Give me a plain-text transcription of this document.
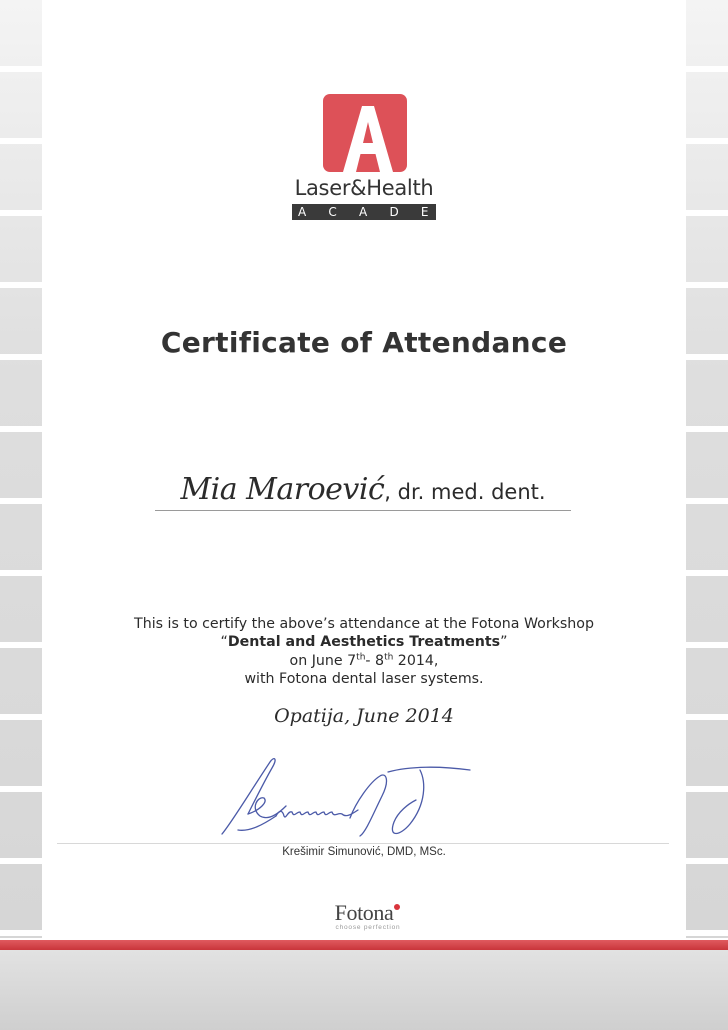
Laser&Health
A C A D E M Y
Certificate of Attendance
Mia Maroević, dr. med. dent.
This is to certify the above’s attendance at the Fotona Workshop
“Dental and Aesthetics Treatments”
on June 7th- 8th 2014,
with Fotona dental laser systems.
Opatija, June 2014
Krešimir Simunović, DMD, MSc.
Fotona
choose perfection
